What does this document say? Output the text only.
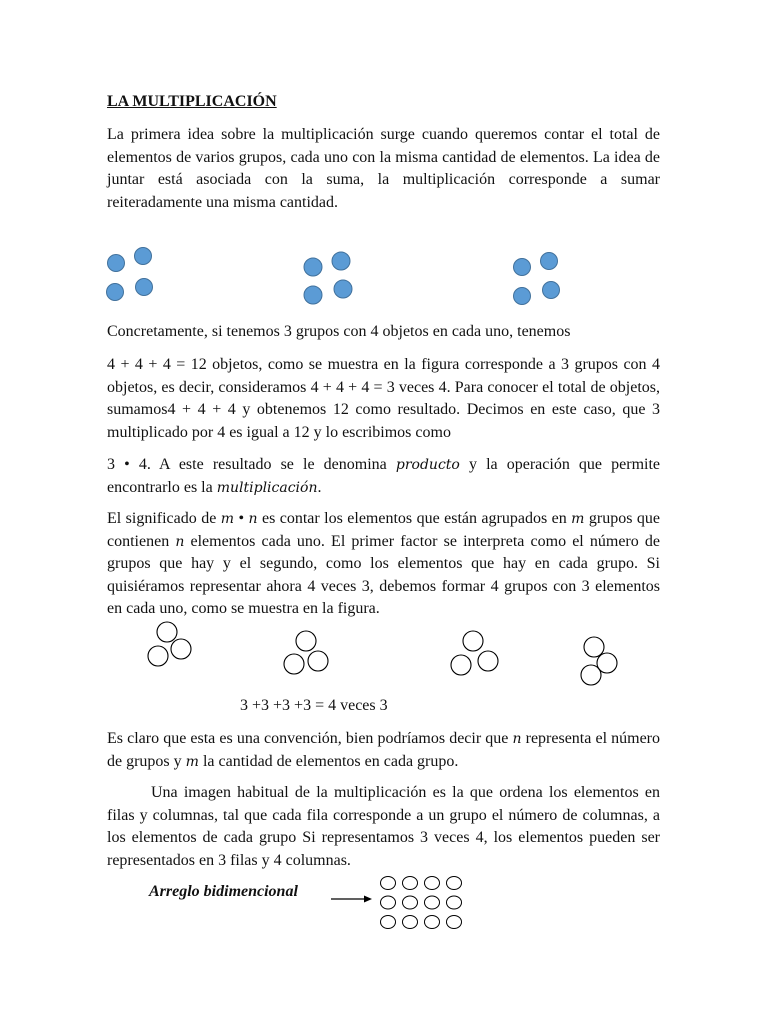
LA MULTIPLICACIÓN

La primera idea sobre la multiplicación surge cuando queremos contar el total de elementos de varios grupos, cada uno con la misma cantidad de elementos. La idea de juntar está asociada con la suma, la multiplicación corresponde a sumar reiteradamente una misma cantidad.

Concretamente, si tenemos 3 grupos con 4 objetos en cada uno, tenemos

4 + 4 + 4 = 12 objetos, como se muestra en la figura corresponde a 3 grupos con 4 objetos, es decir, consideramos 4 + 4 + 4 = 3 veces 4. Para conocer el total de objetos, sumamos4 + 4 + 4 y obtenemos 12 como resultado. Decimos en este caso, que 3 multiplicado por 4 es igual a 12 y lo escribimos como

3 • 4. A este resultado se le denomina producto y la operación que permite encontrarlo es la multiplicación.

El significado de m • n es contar los elementos que están agrupados en m grupos que contienen n elementos cada uno. El primer factor se interpreta como el número de grupos que hay y el segundo, como los elementos que hay en cada grupo. Si quisiéramos representar ahora 4 veces 3, debemos formar 4 grupos con 3 elementos en cada uno, como se muestra en la figura.

3 +3 +3 +3 = 4 veces 3

Es claro que esta es una convención, bien podríamos decir que n representa el número de grupos y m la cantidad de elementos en cada grupo.

Una imagen habitual de la multiplicación es la que ordena los elementos en filas y columnas, tal que cada fila corresponde a un grupo el número de columnas, a los elementos de cada grupo Si representamos 3 veces 4, los elementos pueden ser representados en 3 filas y 4 columnas.

Arreglo bidimencional
